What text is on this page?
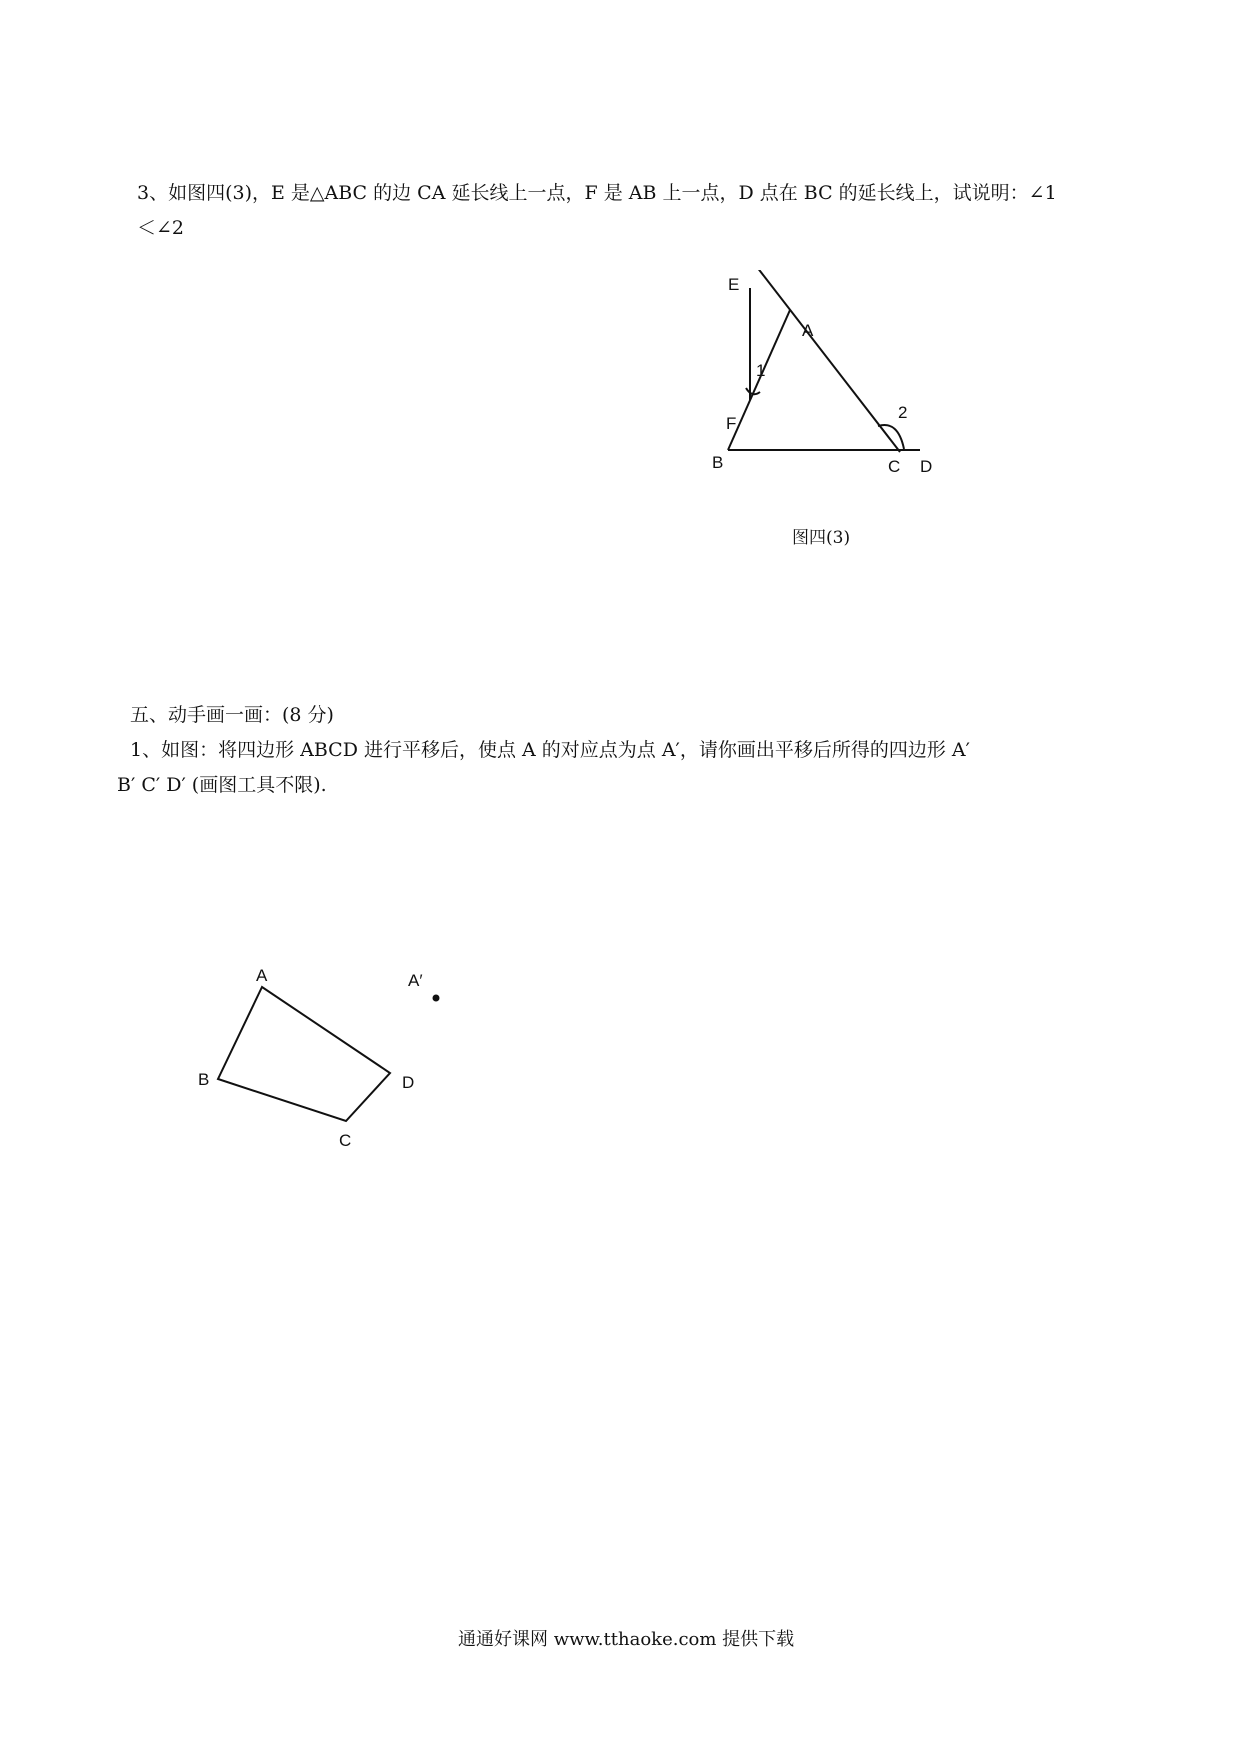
3、如图四(3)，E 是△ABC 的边 CA 延长线上一点，F 是 AB 上一点，D 点在 BC 的延长线上，试说明：∠1
＜∠2
E
A
1
F
2
B	C D
图四(3)
五、动手画一画：(8 分)
1、如图：将四边形 ABCD 进行平移后，使点 A 的对应点为点 A′，请你画出平移后所得的四边形 A′
B′ C′ D′ (画图工具不限).
A
B
C
D
A′
通通好课网 www.tthaoke.com 提供下载
